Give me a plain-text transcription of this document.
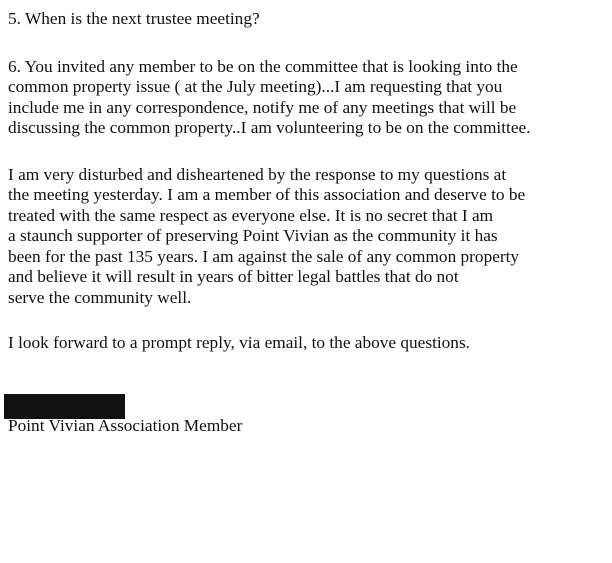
5. When is the next trustee meeting?
6. You invited any member to be on the committee that is looking into the
common property issue ( at the July meeting)...I am requesting that you
include me in any correspondence, notify me of any meetings that will be
discussing the common property..I am volunteering to be on the committee.
I am very disturbed and disheartened by the response to my questions at
the meeting yesterday. I am a member of this association and deserve to be
treated with the same respect as everyone else. It is no secret that I am
a staunch supporter of preserving Point Vivian as the community it has
been for the past 135 years. I am against the sale of any common property
and believe it will result in years of bitter legal battles that do not
serve the community well.
I look forward to a prompt reply, via email, to the above questions.
Point Vivian Association Member
